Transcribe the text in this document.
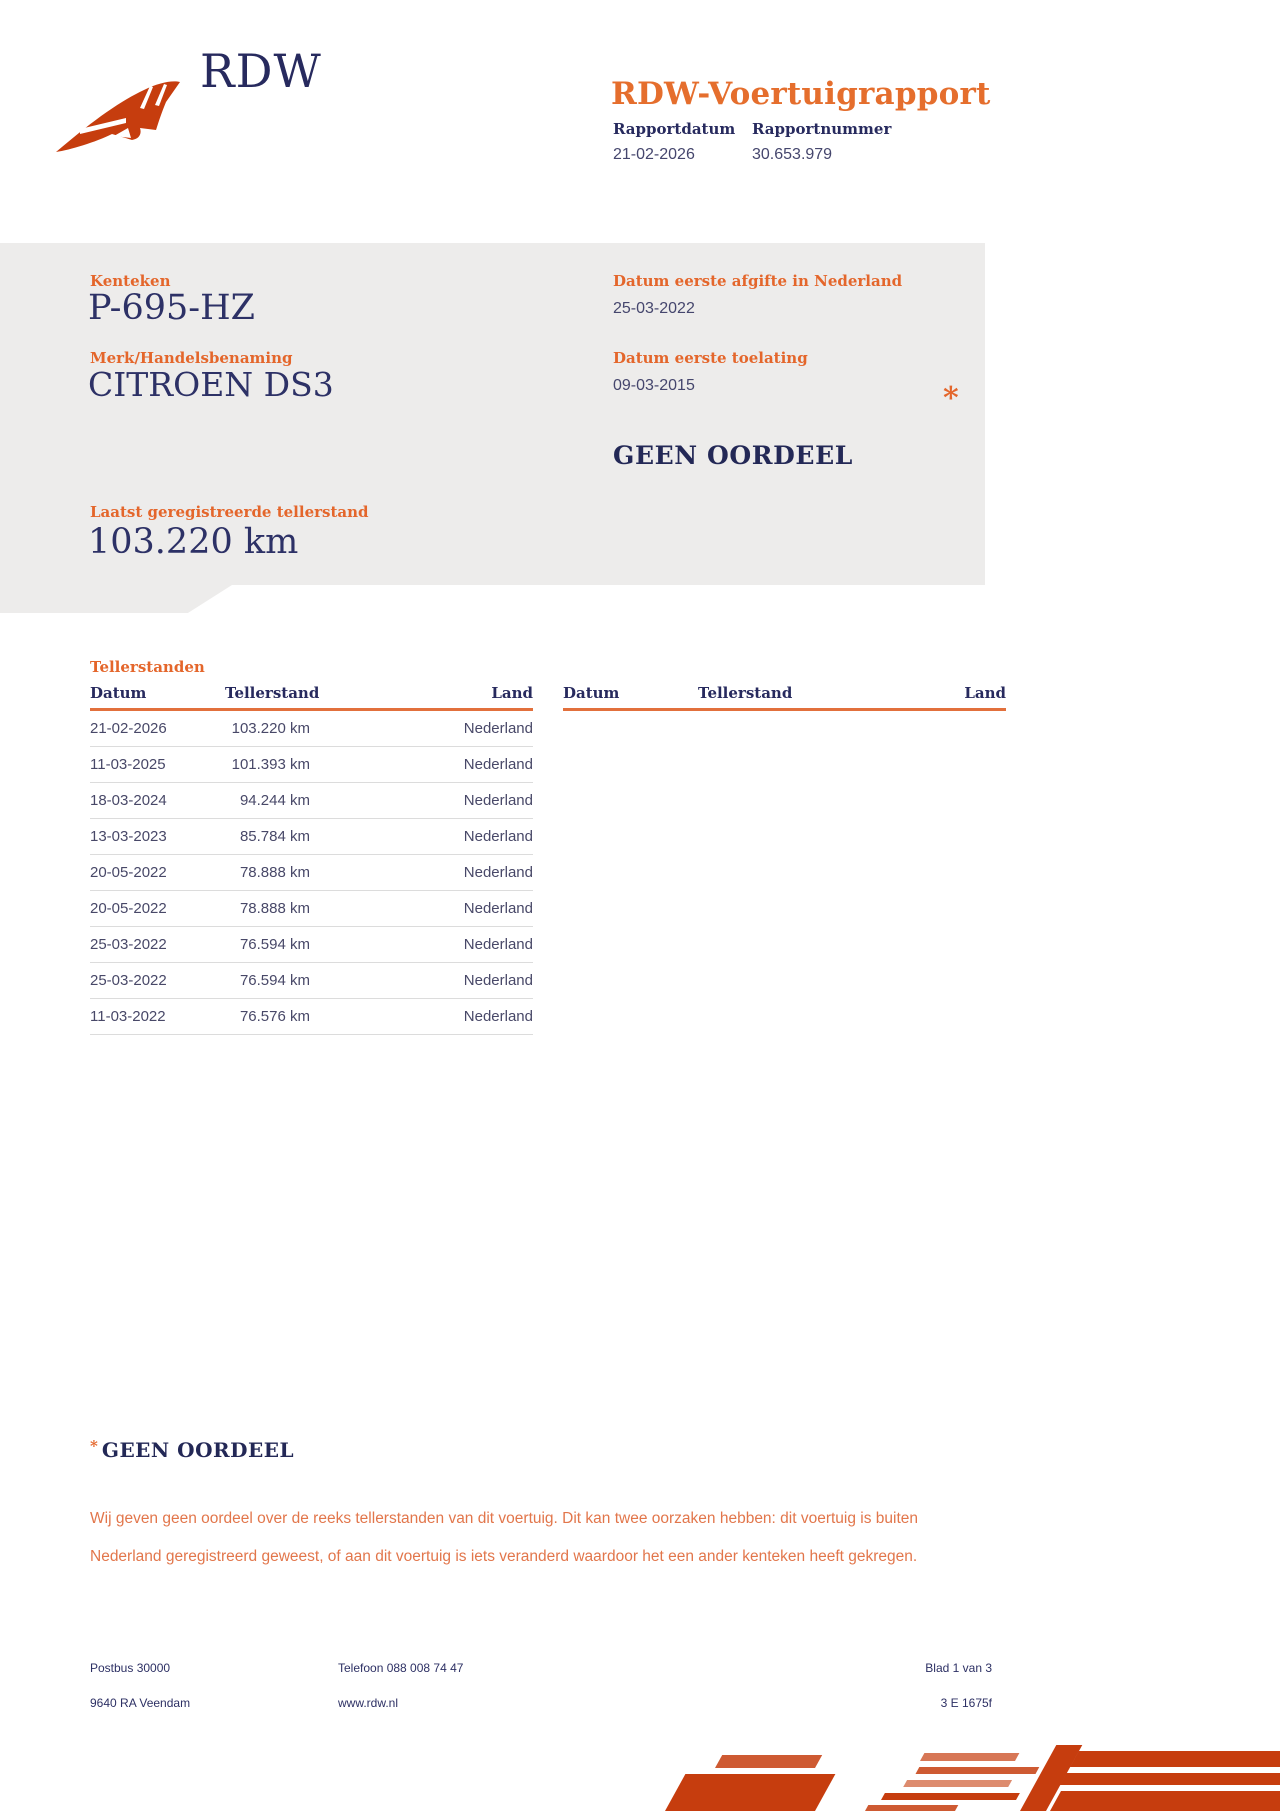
RDW	RDW-Voertuigrapport
Rapportdatum Rapportnummer
21-02-2026	30.653.979
Kenteken
P-695-HZ
Merk/Handelsbenaming
CITROEN DS3
Datum eerste afgifte in Nederland
25-03-2022
Datum eerste toelating
09-03-2015
GEEN OORDEEL
*
Laatst geregistreerde tellerstand
103.220 km
Tellerstanden
Datum	Tellerstand	Land
21-02-2026	103.220 km	Nederland
11-03-2025	101.393 km	Nederland
18-03-2024	94.244 km	Nederland
13-03-2023	85.784 km	Nederland
20-05-2022	78.888 km	Nederland
20-05-2022	78.888 km	Nederland
25-03-2022	76.594 km	Nederland
25-03-2022	76.594 km	Nederland
11-03-2022	76.576 km	Nederland
Datum	Tellerstand	Land
* GEEN OORDEEL

Wij geven geen oordeel over de reeks tellerstanden van dit voertuig. Dit kan twee oorzaken hebben: dit voertuig is buiten Nederland geregistreerd geweest, of aan dit voertuig is iets veranderd waardoor het een ander kenteken heeft gekregen.

Postbus 30000
9640 RA Veendam
Telefoon 088 008 74 47
www.rdw.nl
Blad 1 van 3
3 E 1675f
